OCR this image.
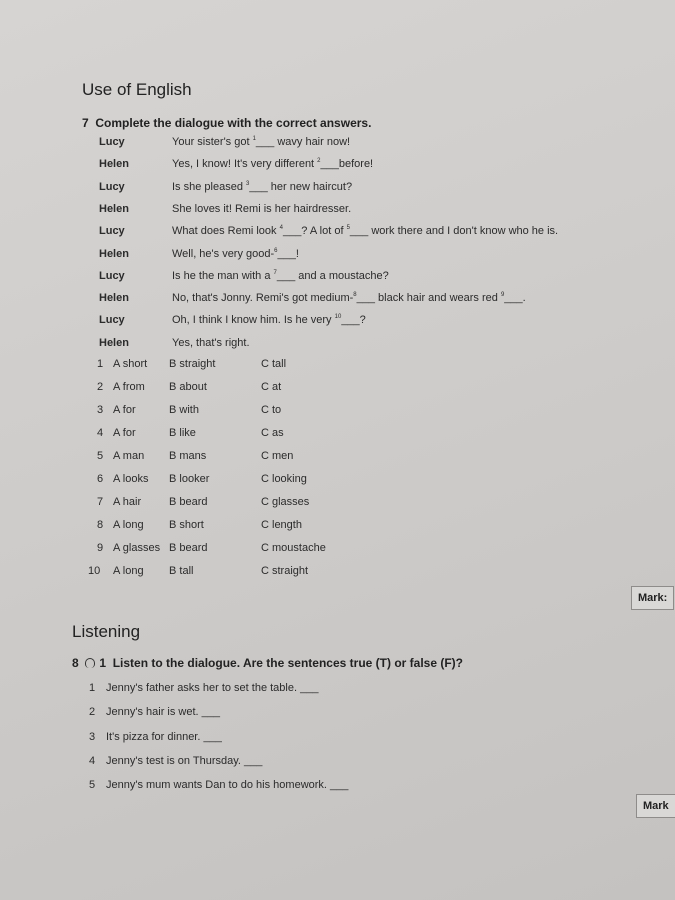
Use of English
7 Complete the dialogue with the correct answers.
Lucy	Your sister's got $^1$___ wavy hair now!
Helen	Yes, I know! It's very different $^2$___before!
Lucy	Is she pleased $^3$___ her new haircut?
Helen	She loves it! Remi is her hairdresser.
Lucy	What does Remi look $^4$___? A lot of $^5$___ work there and I don't know who he is.
Helen	Well, he's very good-$^6$___!
Lucy	Is he the man with a $^7$___ and a moustache?
Helen	No, that's Jonny. Remi's got medium-$^8$___ black hair and wears red $^9$___.
Lucy	Oh, I think I know him. Is he very $^{10}$___?
Helen	Yes, that's right.
1 A short B straight	C tall
2 A from B about	C at
3 A for	B with	C to
4 A for	B like	C as
5 A man B mans	C men
6 A looks B looker	C looking
7 A hair	B beard	C glasses
8 A long B short	C length
9 A glasses B beard	C moustache
10 A long B tall	C straight
Mark:
Listening
8 1 Listen to the dialogue. Are the sentences true (T) or false (F)?
1 Jenny's father asks her to set the table. ___
2 Jenny's hair is wet. ___
3 It's pizza for dinner. ___
4 Jenny's test is on Thursday. ___
5 Jenny's mum wants Dan to do his homework. ___
Mark
